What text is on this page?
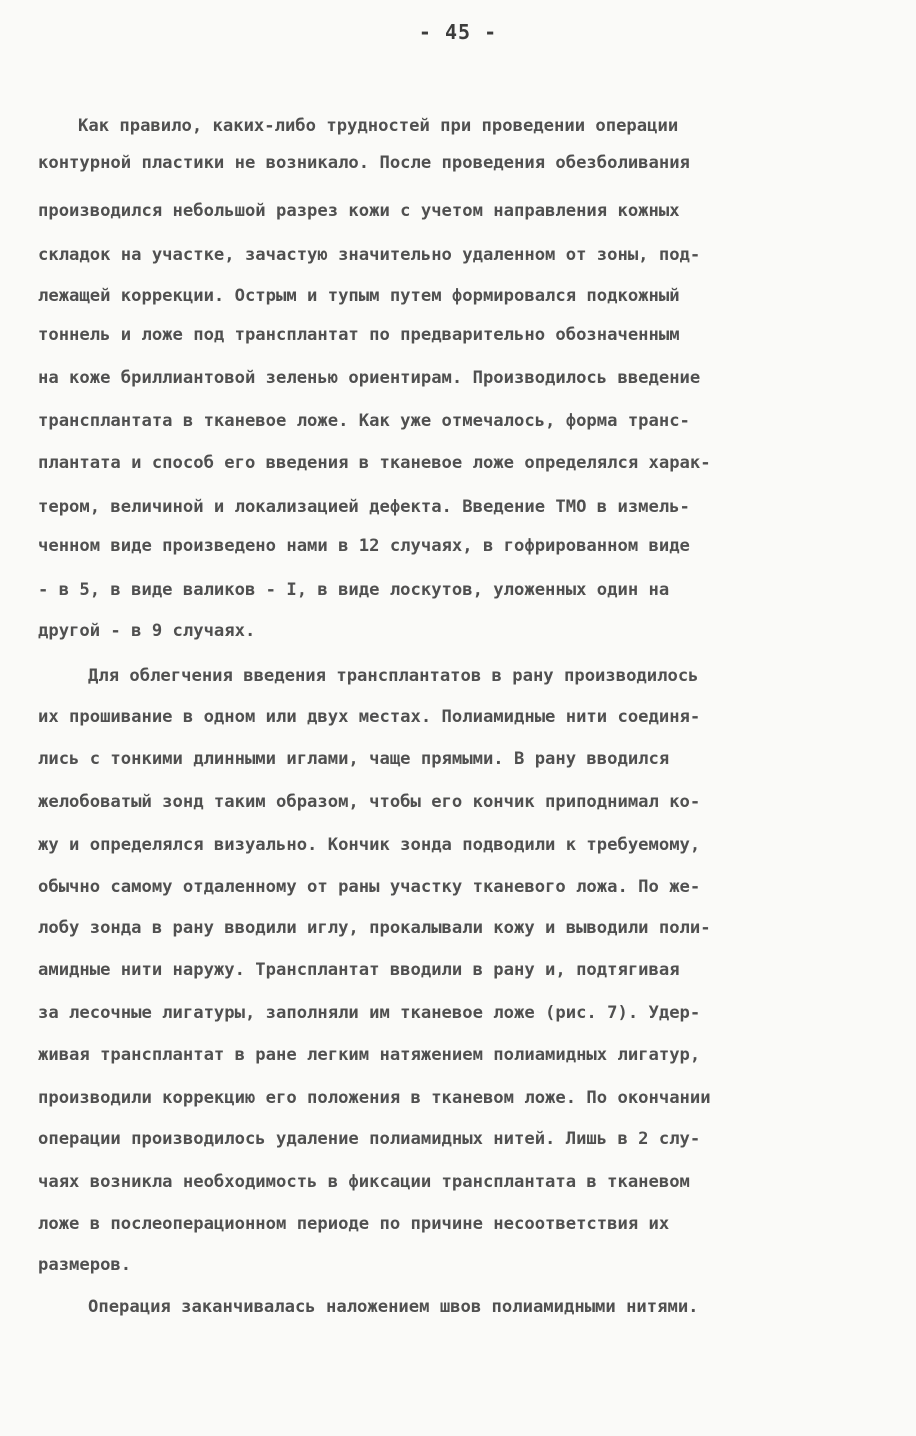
- 45 -
Как правило, каких-либо трудностей при проведении операции
контурной пластики не возникало. После проведения обезболивания
производился небольшой разрез кожи с учетом направления кожных
складок на участке, зачастую значительно удаленном от зоны, под-
лежащей коррекции. Острым и тупым путем формировался подкожный
тоннель и ложе под трансплантат по предварительно обозначенным
на коже бриллиантовой зеленью ориентирам. Производилось введение
трансплантата в тканевое ложе. Как уже отмечалось, форма транс-
плантата и способ его введения в тканевое ложе определялся харак-
тером, величиной и локализацией дефекта. Введение ТМО в измель-
ченном виде произведено нами в 12 случаях, в гофрированном виде
- в 5, в виде валиков - I, в виде лоскутов, уложенных один на
другой - в 9 случаях.
Для облегчения введения трансплантатов в рану производилось
их прошивание в одном или двух местах. Полиамидные нити соединя-
лись с тонкими длинными иглами, чаще прямыми. В рану вводился
желобоватый зонд таким образом, чтобы его кончик приподнимал ко-
жу и определялся визуально. Кончик зонда подводили к требуемому,
обычно самому отдаленному от раны участку тканевого ложа. По же-
лобу зонда в рану вводили иглу, прокалывали кожу и выводили поли-
амидные нити наружу. Трансплантат вводили в рану и, подтягивая
за лесочные лигатуры, заполняли им тканевое ложе (рис. 7). Удер-
живая трансплантат в ране легким натяжением полиамидных лигатур,
производили коррекцию его положения в тканевом ложе. По окончании
операции производилось удаление полиамидных нитей. Лишь в 2 слу-
чаях возникла необходимость в фиксации трансплантата в тканевом
ложе в послеоперационном периоде по причине несоответствия их
размеров.
Операция заканчивалась наложением швов полиамидными нитями.
